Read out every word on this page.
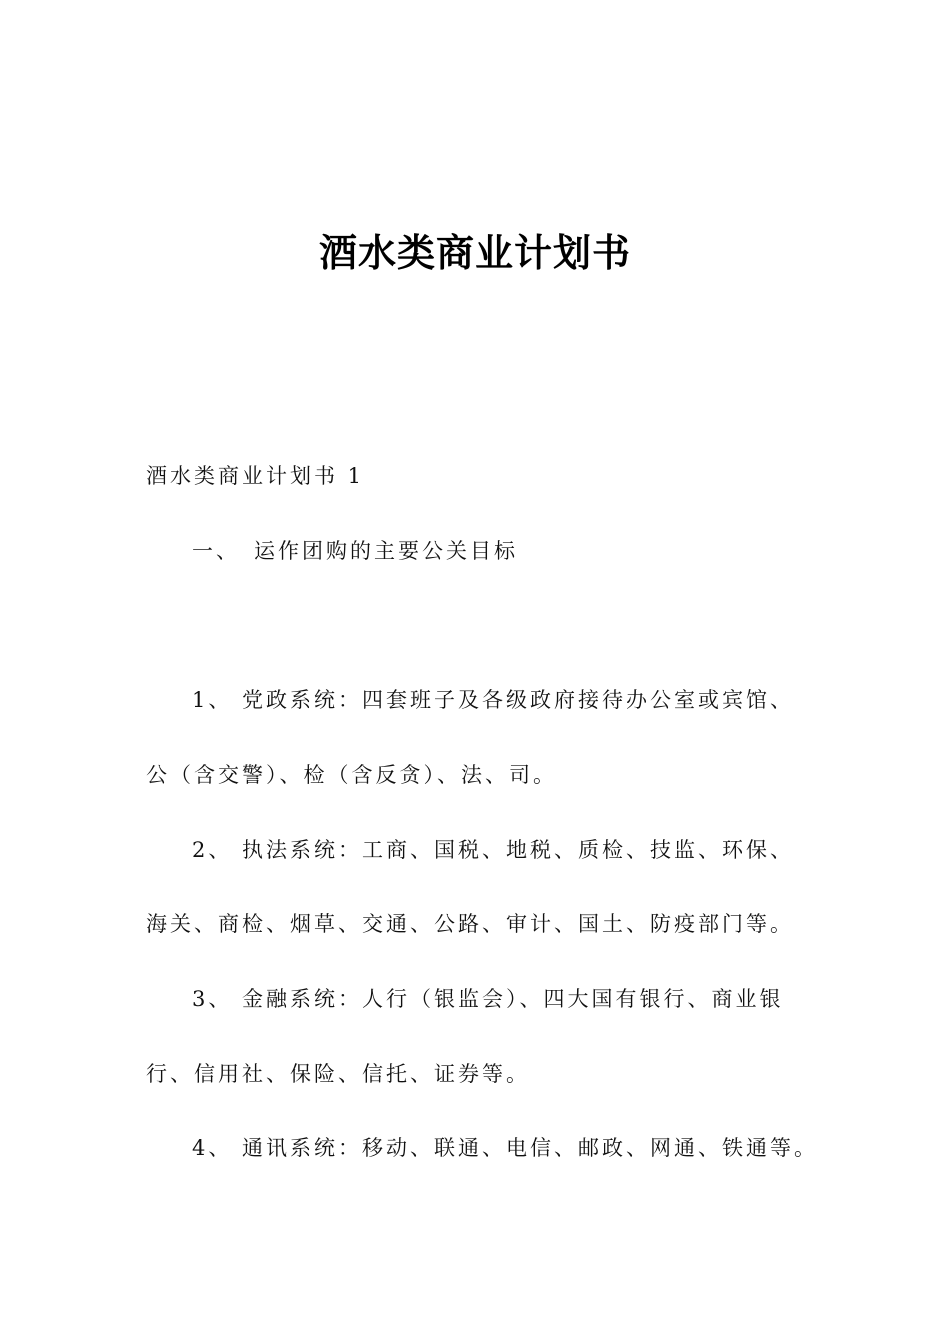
酒水类商业计划书
酒水类商业计划书 1
一、 运作团购的主要公关目标
1、 党政系统：四套班子及各级政府接待办公室或宾馆、
公（含交警）、检（含反贪）、法、司。
2、 执法系统：工商、国税、地税、质检、技监、环保、
海关、商检、烟草、交通、公路、审计、国土、防疫部门等。
3、 金融系统：人行（银监会）、四大国有银行、商业银
行、信用社、保险、信托、证券等。
4、 通讯系统：移动、联通、电信、邮政、网通、铁通等。
